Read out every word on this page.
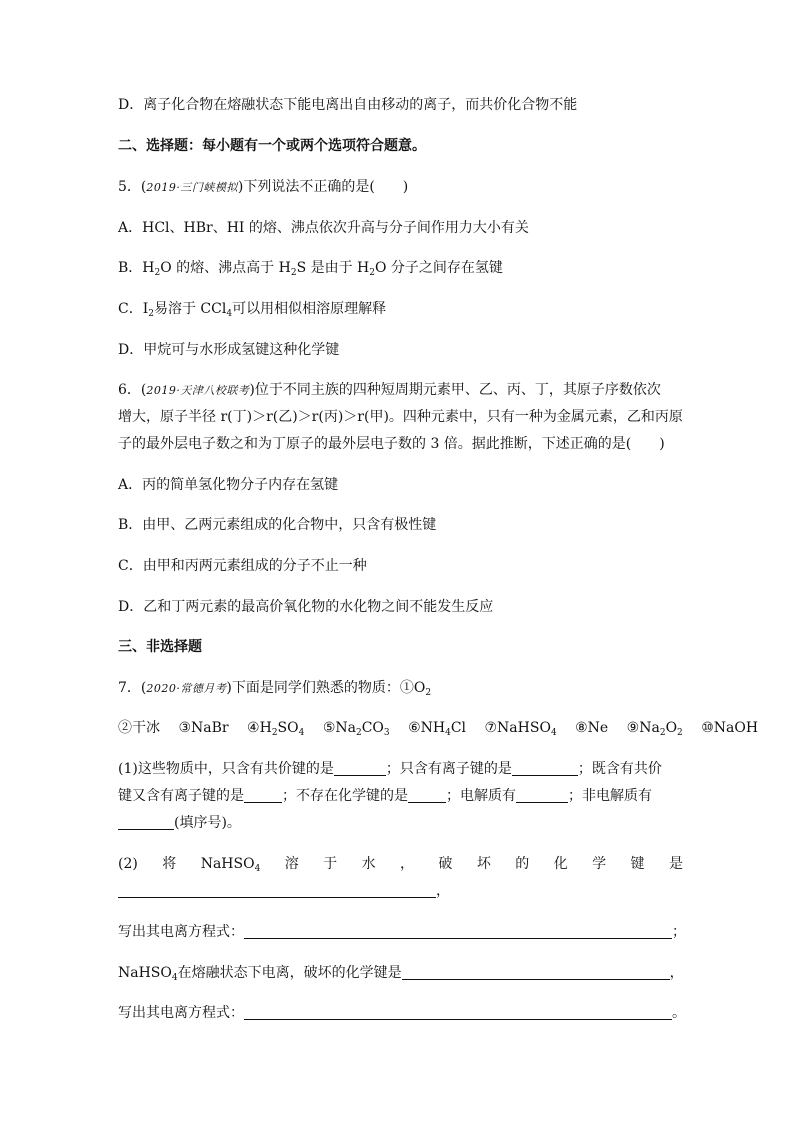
D．离子化合物在熔融状态下能电离出自由移动的离子，而共价化合物不能
二、选择题：每小题有一个或两个选项符合题意。
5．(2019·三门峡模拟)下列说法不正确的是(　　)
A．HCl、HBr、HI 的熔、沸点依次升高与分子间作用力大小有关
B．$H_2O$ 的熔、沸点高于 $H_2S$ 是由于 $H_2O$ 分子之间存在氢键
C．$I_2$易溶于 CCl$_4$可以用相似相溶原理解释
D．甲烷可与水形成氢键这种化学键
6．(2019·天津八校联考)位于不同主族的四种短周期元素甲、乙、丙、丁，其原子序数依次
增大，原子半径 r(丁)＞r(乙)＞r(丙)＞r(甲)。四种元素中，只有一种为金属元素，乙和丙原
子的最外层电子数之和为丁原子的最外层电子数的 3 倍。据此推断，下述正确的是(　　)
A．丙的简单氢化物分子内存在氢键
B．由甲、乙两元素组成的化合物中，只含有极性键
C．由甲和丙两元素组成的分子不止一种
D．乙和丁两元素的最高价氧化物的水化物之间不能发生反应
三、非选择题
7．(2020·常德月考)下面是同学们熟悉的物质：$①O_2$
②干冰 ③NaBr $④H_2SO_4$ $⑤Na_2CO_3$ $⑥NH_4Cl$ ⑦NaHSO$_4$ ⑧Ne $⑨Na_2O_2$ ⑩NaOH
(1)这些物质中，只含有共价键的是	；只含有离子键的是	；既含有共价
键又含有离子键的是	；不存在化学键的是	；电解质有	；非电解质有
(填序号)。
(2) 将 NaHSO$_4$ 溶 于 水 ， 破 坏 的 化 学 键 是
，
写出其电离方程式：	；
NaHSO$_4$在熔融状态下电离，破坏的化学键是	，
写出其电离方程式：	。
